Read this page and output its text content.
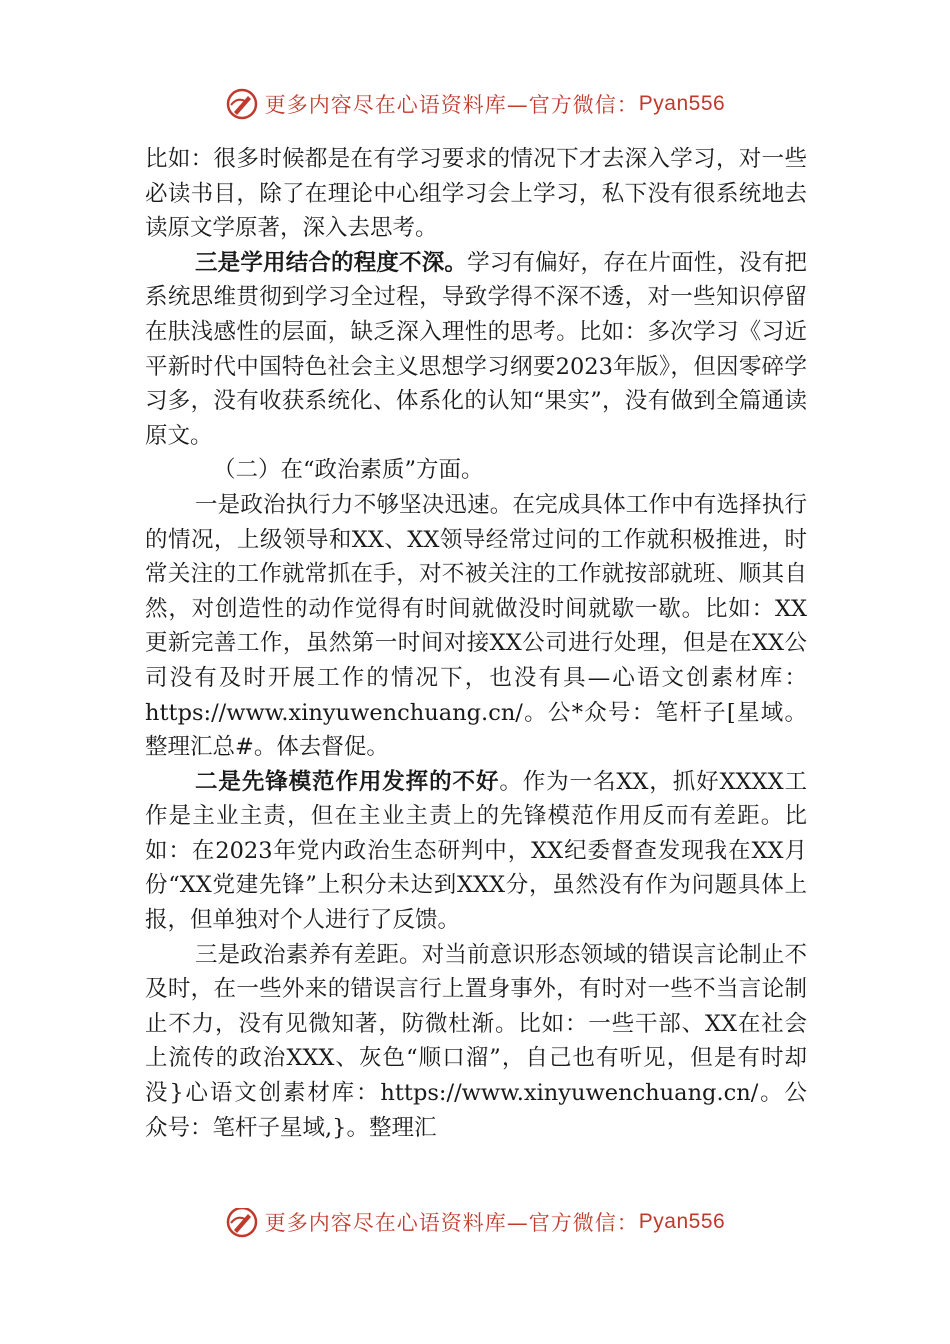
更多内容尽在心语资料库—官方微信： Pyan556

比如：很多时候都是在有学习要求的情况下才去深入学习，对一些必读书目，除了在理论中心组学习会上学习，私下没有很系统地去读原文学原著，深入去思考。

三是学用结合的程度不深。学习有偏好，存在片面性，没有把系统思维贯彻到学习全过程，导致学得不深不透，对一些知识停留在肤浅感性的层面，缺乏深入理性的思考。比如：多次学习《习近平新时代中国特色社会主义思想学习纲要2023年版》，但因零碎学习多，没有收获系统化、体系化的认知“果实”，没有做到全篇通读原文。

（二）在“政治素质”方面。

一是政治执行力不够坚决迅速。在完成具体工作中有选择执行的情况，上级领导和XX、XX领导经常过问的工作就积极推进，时常关注的工作就常抓在手，对不被关注的工作就按部就班、顺其自然，对创造性的动作觉得有时间就做没时间就歇一歇。比如：XX更新完善工作，虽然第一时间对接XX公司进行处理，但是在XX公司没有及时开展工作的情况下，也没有具—心语文创素材库：https://www.xinyuwenchuang.cn/。公*众号：笔杆子[星域。整理汇总#。体去督促。

二是先锋模范作用发挥的不好。作为一名XX，抓好XXXX工作是主业主责，但在主业主责上的先锋模范作用反而有差距。比如：在2023年党内政治生态研判中，XX纪委督查发现我在XX月份“XX党建先锋”上积分未达到XXX分，虽然没有作为问题具体上报，但单独对个人进行了反馈。

三是政治素养有差距。对当前意识形态领域的错误言论制止不及时，在一些外来的错误言行上置身事外，有时对一些不当言论制止不力，没有见微知著，防微杜渐。比如：一些干部、XX在社会上流传的政治XXX、灰色“顺口溜”，自己也有听见，但是有时却没}心语文创素材库：https://www.xinyuwenchuang.cn/。公众号：笔杆子星域,}。整理汇

更多内容尽在心语资料库—官方微信： Pyan556
